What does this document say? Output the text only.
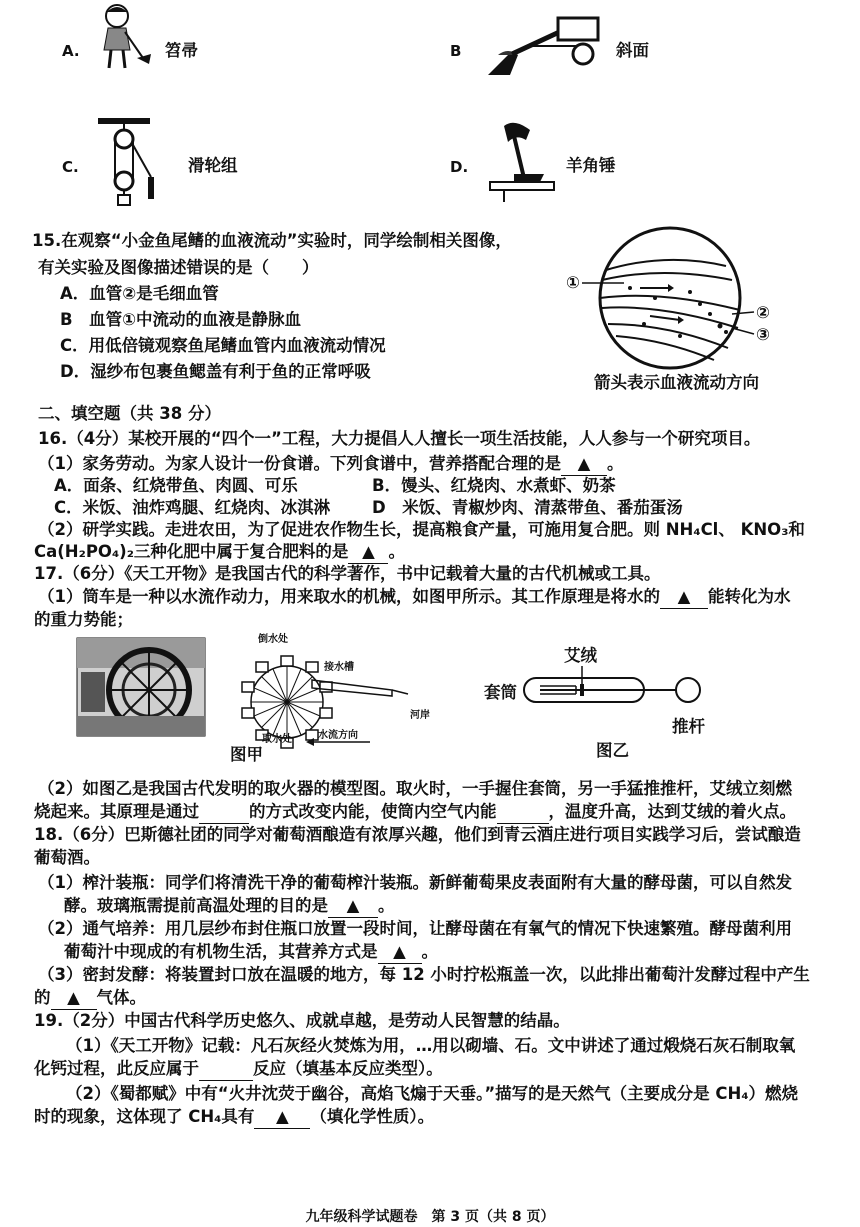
A.	笤帚	B	斜面
C.	滑轮组	D.	羊角锤
15.在观察“小金鱼尾鳍的血液流动”实验时，同学绘制相关图像，
有关实验及图像描述错误的是（　　）
A．血管②是毛细血管
B　血管①中流动的血液是静脉血
C．用低倍镜观察鱼尾鳍血管内血液流动情况
D．湿纱布包裹鱼鳃盖有利于鱼的正常呼吸
①
②
③
箭头表示血液流动方向
二、填空题（共 38 分）
16.（4分）某校开展的“四个一”工程，大力提倡人人擅长一项生活技能，人人参与一个研究项目。
（1）家务劳动。为家人设计一份食谱。下列食谱中，营养搭配合理的是 ▲ 。
A．面条、红烧带鱼、肉圆、可乐	B．馒头、红烧肉、水煮虾、奶茶
C．米饭、油炸鸡腿、红烧肉、冰淇淋	D　米饭、青椒炒肉、清蒸带鱼、番茄蛋汤
（2）研学实践。走进农田，为了促进农作物生长，提高粮食产量，可施用复合肥。则 NH₄Cl、 KNO₃和
Ca(H₂PO₄)₂三种化肥中属于复合肥料的是 ▲ 。
17.（6分）《天工开物》是我国古代的科学著作，书中记载着大量的古代机械或工具。
（1）筒车是一种以水流作动力，用来取水的机械，如图甲所示。其工作原理是将水的 ▲ 能转化为水
的重力势能；
倒水处
接水槽
河岸
水流方向
取水处
图甲
艾绒
套筒
推杆
图乙
（2）如图乙是我国古代发明的取火器的模型图。取火时，一手握住套筒，另一手猛推推杆，艾绒立刻燃
烧起来。其原理是通过	的方式改变内能，使筒内空气内能	，温度升高，达到艾绒的着火点。
18.（6分）巴斯德社团的同学对葡萄酒酿造有浓厚兴趣，他们到青云酒庄进行项目实践学习后，尝试酿造
葡萄酒。
（1）榨汁装瓶：同学们将清洗干净的葡萄榨汁装瓶。新鲜葡萄果皮表面附有大量的酵母菌，可以自然发
酵。玻璃瓶需提前高温处理的目的是 ▲ 。
（2）通气培养：用几层纱布封住瓶口放置一段时间，让酵母菌在有氧气的情况下快速繁殖。酵母菌利用
葡萄汁中现成的有机物生活，其营养方式是 ▲ 。
（3）密封发酵：将装置封口放在温暖的地方，每 12 小时拧松瓶盖一次，以此排出葡萄汁发酵过程中产生
的 ▲ 气体。
19.（2分）中国古代科学历史悠久、成就卓越，是劳动人民智慧的结晶。
（1）《天工开物》记载：凡石灰经火焚炼为用，…用以砌墙、石。文中讲述了通过煅烧石灰石制取氧
化钙过程，此反应属于	反应（填基本反应类型）。
（2）《蜀都赋》中有“火井沈荧于幽谷，高焰飞煽于天垂。”描写的是天然气（主要成分是 CH₄）燃烧
时的现象，这体现了 CH₄具有 ▲ （填化学性质）。
九年级科学试题卷　第 3 页（共 8 页）
